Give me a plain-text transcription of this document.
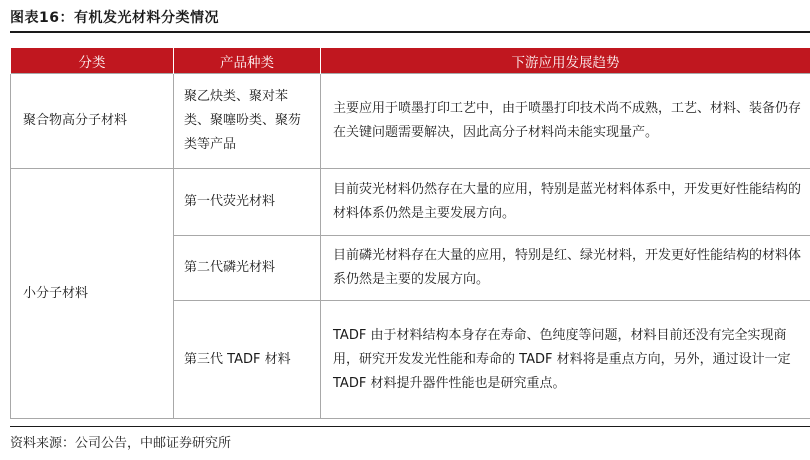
图表16：有机发光材料分类情况
分类	产品种类	下游应用发展趋势
聚合物高分子材料	聚乙炔类、聚对苯类、聚噻吩类、聚芴类等产品	主要应用于喷墨打印工艺中，由于喷墨打印技术尚不成熟，工艺、材料、装备仍存在关键问题需要解决，因此高分子材料尚未能实现量产。
小分子材料	第一代荧光材料	目前荧光材料仍然存在大量的应用，特别是蓝光材料体系中，开发更好性能结构的材料体系仍然是主要发展方向。
	第二代磷光材料	目前磷光材料存在大量的应用，特别是红、绿光材料，开发更好性能结构的材料体系仍然是主要的发展方向。
	第三代 TADF 材料	TADF 由于材料结构本身存在寿命、色纯度等问题，材料目前还没有完全实现商用，研究开发发光性能和寿命的 TADF 材料将是重点方向，另外，通过设计一定 TADF 材料提升器件性能也是研究重点。
资料来源：公司公告，中邮证券研究所
